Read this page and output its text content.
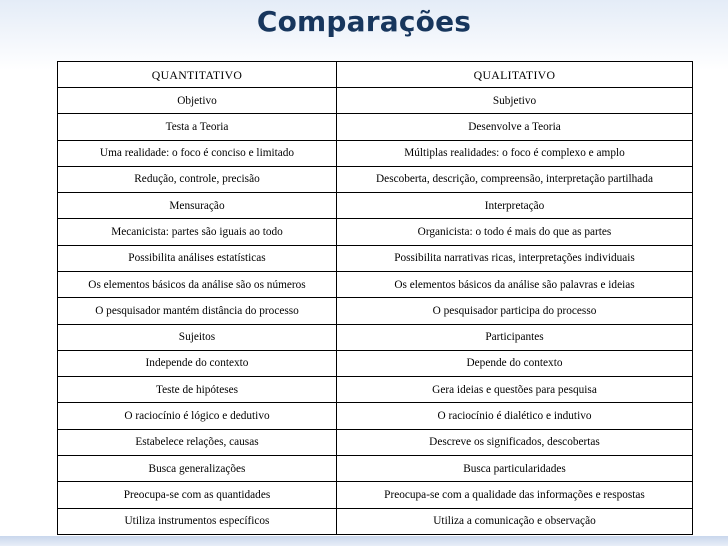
Comparações
QUANTITATIVO	QUALITATIVO
Objetivo	Subjetivo
Testa a Teoria	Desenvolve a Teoria
Uma realidade: o foco é conciso e limitado	Múltiplas realidades: o foco é complexo e amplo
Redução, controle, precisão	Descoberta, descrição, compreensão, interpretação partilhada
Mensuração	Interpretação
Mecanicista: partes são iguais ao todo	Organicista: o todo é mais do que as partes
Possibilita análises estatísticas	Possibilita narrativas ricas, interpretações individuais
Os elementos básicos da análise são os números	Os elementos básicos da análise são palavras e ideias
O pesquisador mantém distância do processo	O pesquisador participa do processo
Sujeitos	Participantes
Independe do contexto	Depende do contexto
Teste de hipóteses	Gera ideias e questões para pesquisa
O raciocínio é lógico e dedutivo	O raciocínio é dialético e indutivo
Estabelece relações, causas	Descreve os significados, descobertas
Busca generalizações	Busca particularidades
Preocupa-se com as quantidades	Preocupa-se com a qualidade das informações e respostas
Utiliza instrumentos específicos	Utiliza a comunicação e observação
